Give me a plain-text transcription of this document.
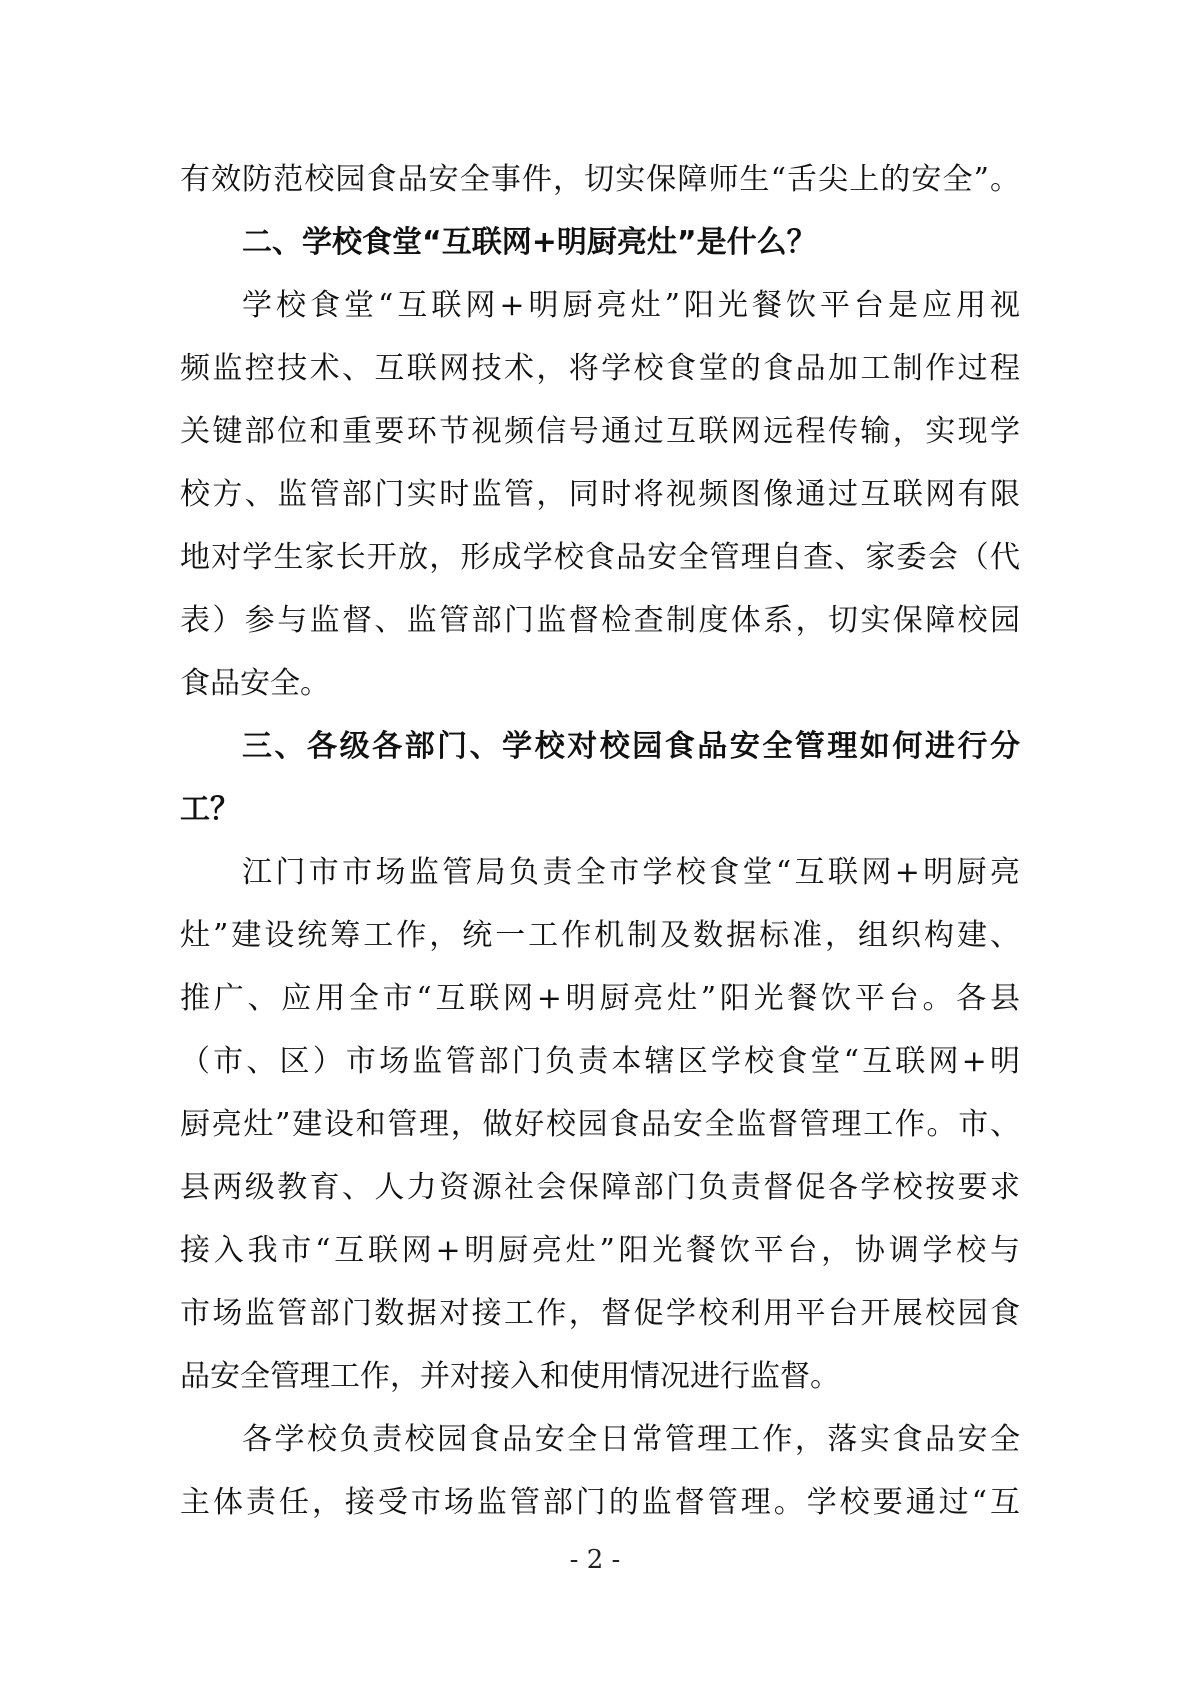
有效防范校园食品安全事件，切实保障师生“舌尖上的安全”。
二、学校食堂“互联网+明厨亮灶”是什么？
学校食堂“互联网+明厨亮灶”阳光餐饮平台是应用视
频监控技术、互联网技术，将学校食堂的食品加工制作过程
关键部位和重要环节视频信号通过互联网远程传输，实现学
校方、监管部门实时监管，同时将视频图像通过互联网有限
地对学生家长开放，形成学校食品安全管理自查、家委会（代
表）参与监督、监管部门监督检查制度体系，切实保障校园
食品安全。
三、各级各部门、学校对校园食品安全管理如何进行分
工？
江门市市场监管局负责全市学校食堂“互联网+明厨亮
灶”建设统筹工作，统一工作机制及数据标准，组织构建、
推广、应用全市“互联网+明厨亮灶”阳光餐饮平台。各县
（市、区）市场监管部门负责本辖区学校食堂“互联网+明
厨亮灶”建设和管理，做好校园食品安全监督管理工作。市、
县两级教育、人力资源社会保障部门负责督促各学校按要求
接入我市“互联网+明厨亮灶”阳光餐饮平台，协调学校与
市场监管部门数据对接工作，督促学校利用平台开展校园食
品安全管理工作，并对接入和使用情况进行监督。
各学校负责校园食品安全日常管理工作，落实食品安全
主体责任，接受市场监管部门的监督管理。学校要通过“互
- 2 -
